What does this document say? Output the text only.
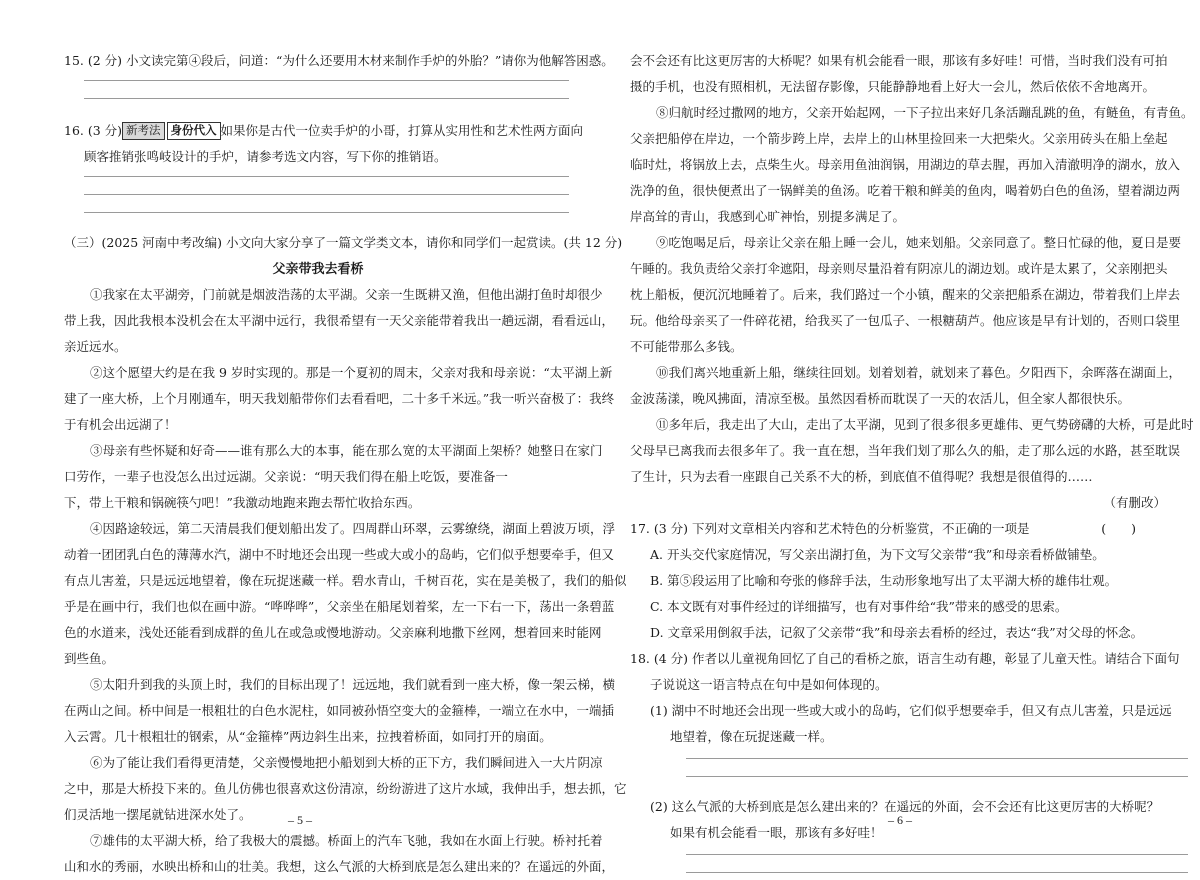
15. (2 分) 小文读完第④段后，问道：“为什么还要用木材来制作手炉的外胎？”请你为他解答困惑。

16. (3 分) 新考法 身份代入 如果你是古代一位卖手炉的小哥，打算从实用性和艺术性两方面向

顾客推销张鸣岐设计的手炉，请参考选文内容，写下你的推销语。

（三）(2025 河南中考改编) 小文向大家分享了一篇文学类文本，请你和同学们一起赏读。(共 12 分)

父亲带我去看桥

①我家在太平湖旁，门前就是烟波浩荡的太平湖。父亲一生既耕又渔，但他出湖打鱼时却很少

带上我，因此我根本没机会在太平湖中远行，我很希望有一天父亲能带着我出一趟远湖，看看远山，

亲近远水。

②这个愿望大约是在我 9 岁时实现的。那是一个夏初的周末，父亲对我和母亲说：“太平湖上新

建了一座大桥，上个月刚通车，明天我划船带你们去看看吧，二十多千米远。”我一听兴奋极了：我终

于有机会出远湖了！

③母亲有些怀疑和好奇——谁有那么大的本事，能在那么宽的太平湖面上架桥？她整日在家门

口劳作，一辈子也没怎么出过远湖。父亲说：“明天我们得在船上吃饭，要准备一

下，带上干粮和锅碗筷勺吧！”我激动地跑来跑去帮忙收拾东西。

④因路途较远，第二天清晨我们便划船出发了。四周群山环翠，云雾缭绕，湖面上碧波万顷，浮

动着一团团乳白色的薄薄水汽，湖中不时地还会出现一些或大或小的岛屿，它们似乎想要牵手，但又

有点儿害羞，只是远远地望着，像在玩捉迷藏一样。碧水青山，千树百花，实在是美极了，我们的船似

乎是在画中行，我们也似在画中游。“哗哗哗”，父亲坐在船尾划着桨，左一下右一下，荡出一条碧蓝

色的水道来，浅处还能看到成群的鱼儿在或急或慢地游动。父亲麻利地撒下丝网，想着回来时能网

到些鱼。

⑤太阳升到我的头顶上时，我们的目标出现了！远远地，我们就看到一座大桥，像一架云梯，横

在两山之间。桥中间是一根粗壮的白色水泥柱，如同被孙悟空变大的金箍棒，一端立在水中，一端插

入云霄。几十根粗壮的钢索，从“金箍棒”两边斜生出来，拉拽着桥面，如同打开的扇面。

⑥为了能让我们看得更清楚，父亲慢慢地把小船划到大桥的正下方，我们瞬间进入一大片阴凉

之中，那是大桥投下来的。鱼儿仿佛也很喜欢这份清凉，纷纷游进了这片水域，我伸出手，想去抓，它

们灵活地一摆尾就钻进深水处了。

⑦雄伟的太平湖大桥，给了我极大的震撼。桥面上的汽车飞驰，我如在水面上行驶。桥衬托着

山和水的秀丽，水映出桥和山的壮美。我想，这么气派的大桥到底是怎么建出来的？在遥远的外面，

– 5 –

会不会还有比这更厉害的大桥呢？如果有机会能看一眼，那该有多好哇！可惜，当时我们没有可拍

摄的手机，也没有照相机，无法留存影像，只能静静地看上好大一会儿，然后依依不舍地离开。

⑧归航时经过撒网的地方，父亲开始起网，一下子拉出来好几条活蹦乱跳的鱼，有鲢鱼，有青鱼。

父亲把船停在岸边，一个箭步跨上岸，去岸上的山林里捡回来一大把柴火。父亲用砖头在船上垒起

临时灶，将锅放上去，点柴生火。母亲用鱼油润锅，用湖边的草去腥，再加入清澈明净的湖水，放入

洗净的鱼，很快便煮出了一锅鲜美的鱼汤。吃着干粮和鲜美的鱼肉，喝着奶白色的鱼汤，望着湖边两

岸高耸的青山，我感到心旷神怡，别提多满足了。

⑨吃饱喝足后，母亲让父亲在船上睡一会儿，她来划船。父亲同意了。整日忙碌的他，夏日是要

午睡的。我负责给父亲打伞遮阳，母亲则尽量沿着有阴凉儿的湖边划。或许是太累了，父亲刚把头

枕上船板，便沉沉地睡着了。后来，我们路过一个小镇，醒来的父亲把船系在湖边，带着我们上岸去

玩。他给母亲买了一件碎花裙，给我买了一包瓜子、一根糖葫芦。他应该是早有计划的，否则口袋里

不可能带那么多钱。

⑩我们离兴地重新上船，继续往回划。划着划着，就划来了暮色。夕阳西下，余晖落在湖面上，

金波荡漾，晚风拂面，清凉至极。虽然因看桥而耽误了一天的农活儿，但全家人都很快乐。

⑪多年后，我走出了大山，走出了太平湖，见到了很多很多更雄伟、更气势磅礴的大桥，可是此时

父母早已离我而去很多年了。我一直在想，当年我们划了那么久的船，走了那么远的水路，甚至耽误

了生计，只为去看一座跟自己关系不大的桥，到底值不值得呢？我想是很值得的……

（有删改）

17. (3 分) 下列对文章相关内容和艺术特色的分析鉴赏，不正确的一项是	(　　)

A. 开头交代家庭情况，写父亲出湖打鱼，为下文写父亲带“我”和母亲看桥做铺垫。

B. 第⑤段运用了比喻和夸张的修辞手法，生动形象地写出了太平湖大桥的雄伟壮观。

C. 本文既有对事件经过的详细描写，也有对事件给“我”带来的感受的思索。

D. 文章采用倒叙手法，记叙了父亲带“我”和母亲去看桥的经过，表达“我”对父母的怀念。

18. (4 分) 作者以儿童视角回忆了自己的看桥之旅，语言生动有趣，彰显了儿童天性。请结合下面句

子说说这一语言特点在句中是如何体现的。

(1) 湖中不时地还会出现一些或大或小的岛屿，它们似乎想要牵手，但又有点儿害羞，只是远远

地望着，像在玩捉迷藏一样。

(2) 这么气派的大桥到底是怎么建出来的？在遥远的外面，会不会还有比这更厉害的大桥呢？

如果有机会能看一眼，那该有多好哇！

– 6 –
